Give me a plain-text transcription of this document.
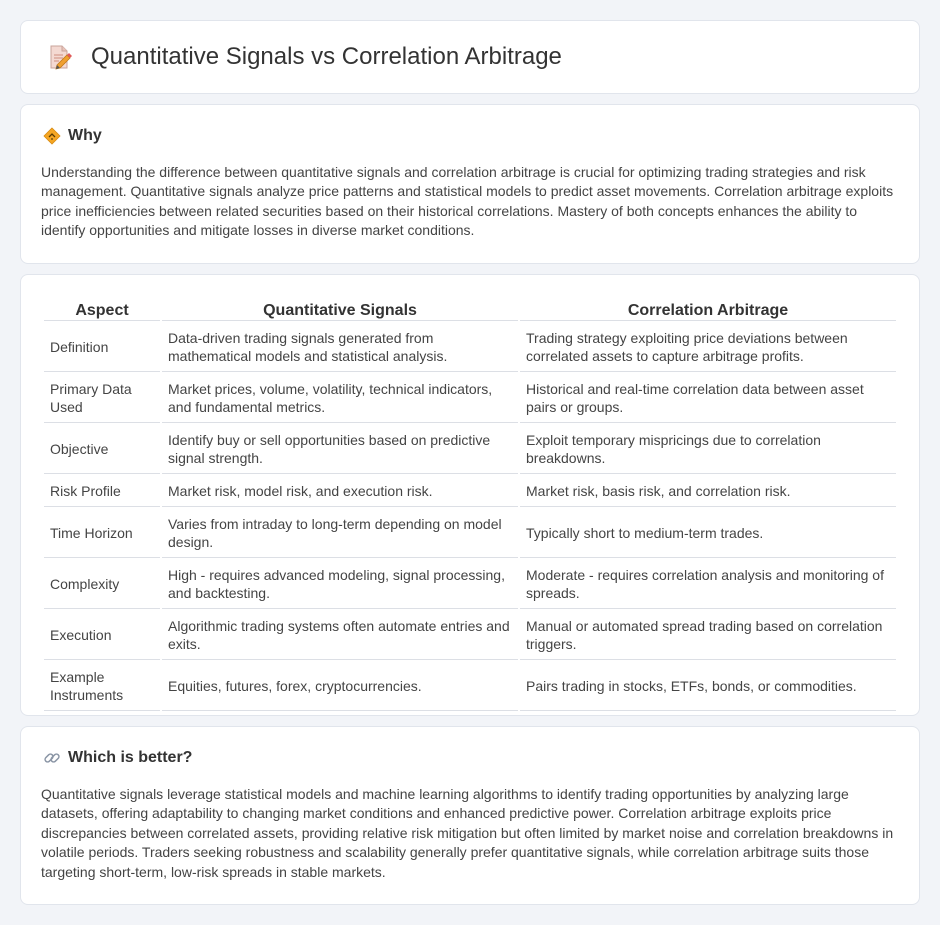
Quantitative Signals vs Correlation Arbitrage
Why

Understanding the difference between quantitative signals and correlation arbitrage is crucial for optimizing trading strategies and risk management. Quantitative signals analyze price patterns and statistical models to predict asset movements. Correlation arbitrage exploits price inefficiencies between related securities based on their historical correlations. Mastery of both concepts enhances the ability to identify opportunities and mitigate losses in diverse market conditions.

Aspect	Quantitative Signals	Correlation Arbitrage
Definition	Data-driven trading signals generated from mathematical models and statistical analysis.	Trading strategy exploiting price deviations between correlated assets to capture arbitrage profits.
Primary Data Used	Market prices, volume, volatility, technical indicators, and fundamental metrics.	Historical and real-time correlation data between asset pairs or groups.
Objective	Identify buy or sell opportunities based on predictive signal strength.	Exploit temporary mispricings due to correlation breakdowns.
Risk Profile	Market risk, model risk, and execution risk.	Market risk, basis risk, and correlation risk.
Time Horizon	Varies from intraday to long-term depending on model design.	Typically short to medium-term trades.
Complexity	High - requires advanced modeling, signal processing, and backtesting.	Moderate - requires correlation analysis and monitoring of spreads.
Execution	Algorithmic trading systems often automate entries and exits.	Manual or automated spread trading based on correlation triggers.
Example Instruments	Equities, futures, forex, cryptocurrencies.	Pairs trading in stocks, ETFs, bonds, or commodities.
Which is better?

Quantitative signals leverage statistical models and machine learning algorithms to identify trading opportunities by analyzing large datasets, offering adaptability to changing market conditions and enhanced predictive power. Correlation arbitrage exploits price discrepancies between correlated assets, providing relative risk mitigation but often limited by market noise and correlation breakdowns in volatile periods. Traders seeking robustness and scalability generally prefer quantitative signals, while correlation arbitrage suits those targeting short-term, low-risk spreads in stable markets.
